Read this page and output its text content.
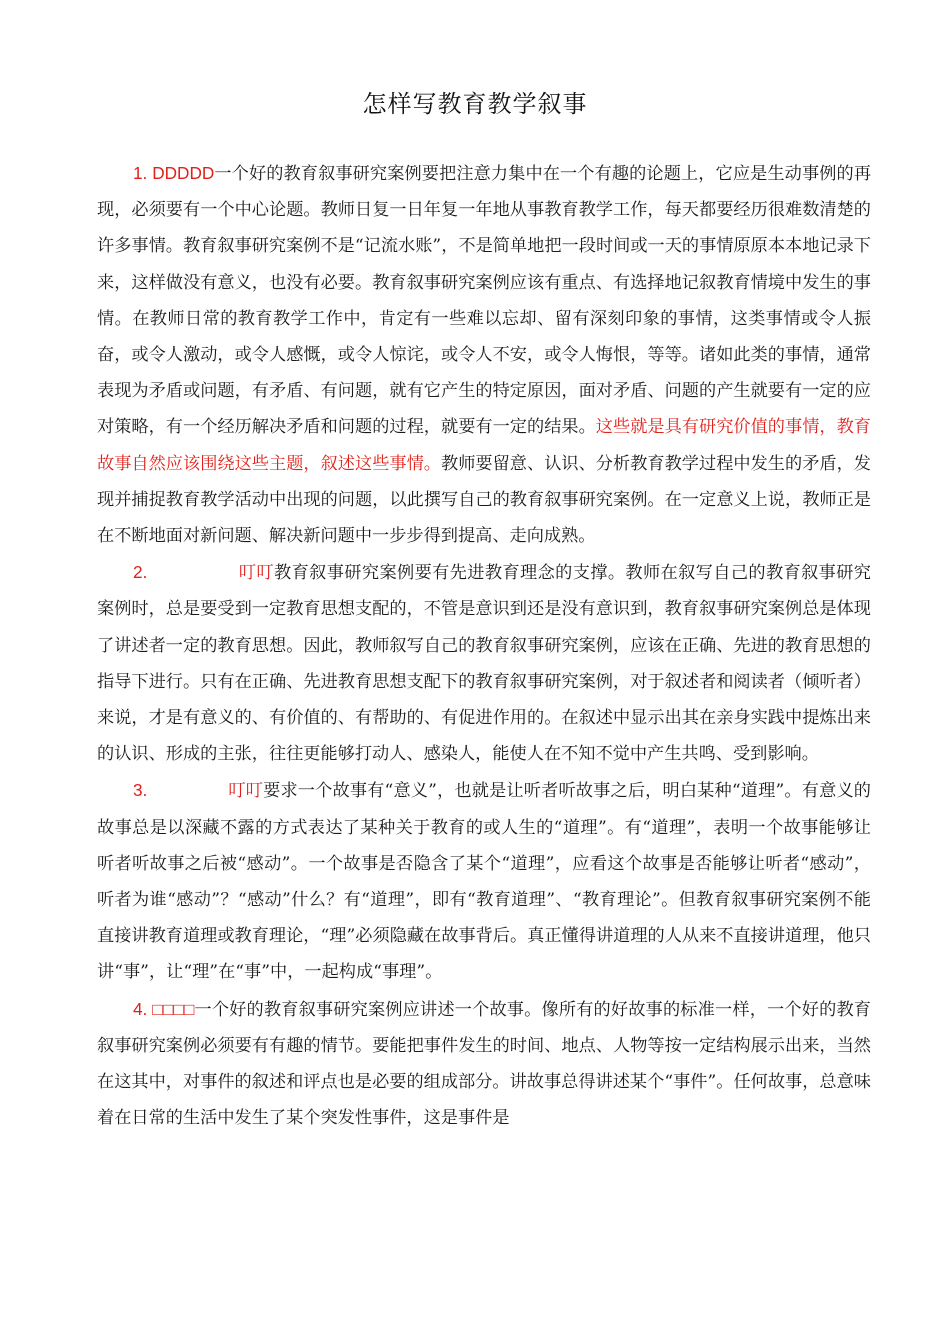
怎样写教育教学叙事

1. DDDDD一个好的教育叙事研究案例要把注意力集中在一个有趣的论题上，它应是生动事例的再现，必须要有一个中心论题。教师日复一日年复一年地从事教育教学工作，每天都要经历很难数清楚的许多事情。教育叙事研究案例不是“记流水账”，不是简单地把一段时间或一天的事情原原本本地记录下来，这样做没有意义，也没有必要。教育叙事研究案例应该有重点、有选择地记叙教育情境中发生的事情。在教师日常的教育教学工作中，肯定有一些难以忘却、留有深刻印象的事情，这类事情或令人振奋，或令人激动，或令人感慨，或令人惊诧，或令人不安，或令人悔恨，等等。诸如此类的事情，通常表现为矛盾或问题，有矛盾、有问题，就有它产生的特定原因，面对矛盾、问题的产生就要有一定的应对策略，有一个经历解决矛盾和问题的过程，就要有一定的结果。这些就是具有研究价值的事情，教育故事自然应该围绕这些主题，叙述这些事情。教师要留意、认识、分析教育教学过程中发生的矛盾，发现并捕捉教育教学活动中出现的问题，以此撰写自己的教育叙事研究案例。在一定意义上说，教师正是在不断地面对新问题、解决新问题中一步步得到提高、走向成熟。

2.	叮叮教育叙事研究案例要有先进教育理念的支撑。教师在叙写自己的教育叙事研究案例时，总是要受到一定教育思想支配的，不管是意识到还是没有意识到，教育叙事研究案例总是体现了讲述者一定的教育思想。因此，教师叙写自己的教育叙事研究案例，应该在正确、先进的教育思想的指导下进行。只有在正确、先进教育思想支配下的教育叙事研究案例，对于叙述者和阅读者（倾听者）来说，才是有意义的、有价值的、有帮助的、有促进作用的。在叙述中显示出其在亲身实践中提炼出来的认识、形成的主张，往往更能够打动人、感染人，能使人在不知不觉中产生共鸣、受到影响。

3.	叮叮要求一个故事有“意义”，也就是让听者听故事之后，明白某种“道理”。有意义的故事总是以深藏不露的方式表达了某种关于教育的或人生的“道理”。有“道理”，表明一个故事能够让听者听故事之后被“感动”。一个故事是否隐含了某个“道理”，应看这个故事是否能够让听者“感动”，听者为谁“感动”？“感动”什么？有“道理”，即有“教育道理”、“教育理论”。但教育叙事研究案例不能直接讲教育道理或教育理论，“理”必须隐藏在故事背后。真正懂得讲道理的人从来不直接讲道理，他只讲“事”，让“理”在“事”中，一起构成“事理”。

4. □□□□一个好的教育叙事研究案例应讲述一个故事。像所有的好故事的标准一样，一个好的教育叙事研究案例必须要有有趣的情节。要能把事件发生的时间、地点、人物等按一定结构展示出来，当然在这其中，对事件的叙述和评点也是必要的组成部分。讲故事总得讲述某个“事件”。任何故事，总意味着在日常的生活中发生了某个突发性事件，这是事件是
